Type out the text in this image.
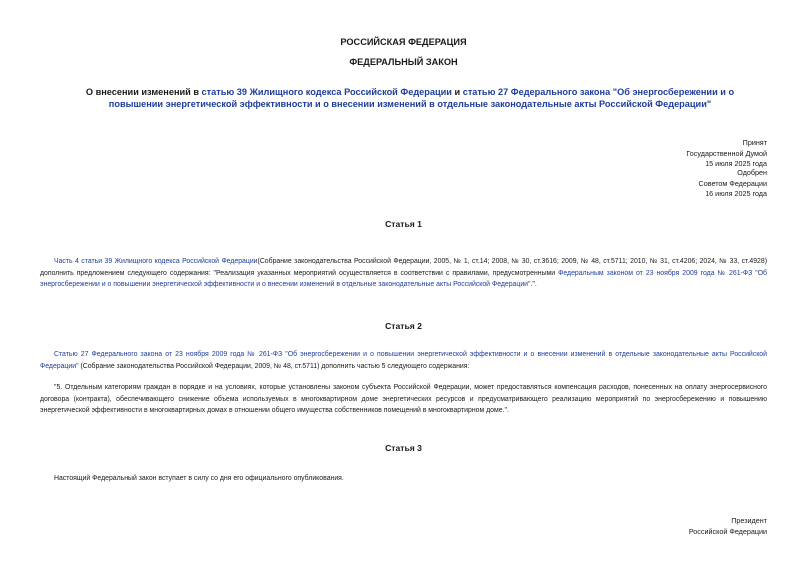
РОССИЙСКАЯ ФЕДЕРАЦИЯ
ФЕДЕРАЛЬНЫЙ ЗАКОН
О внесении изменений в статью 39 Жилищного кодекса Российской Федерации и статью 27 Федерального закона "Об энергосбережении и о повышении энергетической эффективности и о внесении изменений в отдельные законодательные акты Российской Федерации"
Принят
Государственной Думой
15 июля 2025 года
Одобрен
Советом Федерации
16 июля 2025 года
Статья 1
Часть 4 статьи 39 Жилищного кодекса Российской Федерации(Собрание законодательства Российской Федерации, 2005, № 1, ст.14; 2008, № 30, ст.3616; 2009, № 48, ст.5711; 2010, № 31, ст.4206; 2024, № 33, ст.4928) дополнить предложением следующего содержания: "Реализация указанных мероприятий осуществляется в соответствии с правилами, предусмотренными Федеральным законом от 23 ноября 2009 года № 261-ФЗ "Об энергосбережении и о повышении энергетической эффективности и о внесении изменений в отдельные законодательные акты Российской Федерации".".
Статья 2
Статью 27 Федерального закона от 23 ноября 2009 года № 261-ФЗ "Об энергосбережении и о повышении энергетической эффективности и о внесении изменений в отдельные законодательные акты Российской Федерации" (Собрание законодательства Российской Федерации, 2009, № 48, ст.5711) дополнить частью 5 следующего содержания:
"5. Отдельным категориям граждан в порядке и на условиях, которые установлены законом субъекта Российской Федерации, может предоставляться компенсация расходов, понесенных на оплату энергосервисного договора (контракта), обеспечивающего снижение объема используемых в многоквартирном доме энергетических ресурсов и предусматривающего реализацию мероприятий по энергосбережению и повышению энергетической эффективности в многоквартирных домах в отношении общего имущества собственников помещений в многоквартирном доме.".
Статья 3
Настоящий Федеральный закон вступает в силу со дня его официального опубликования.
Президент
Российской Федерации
